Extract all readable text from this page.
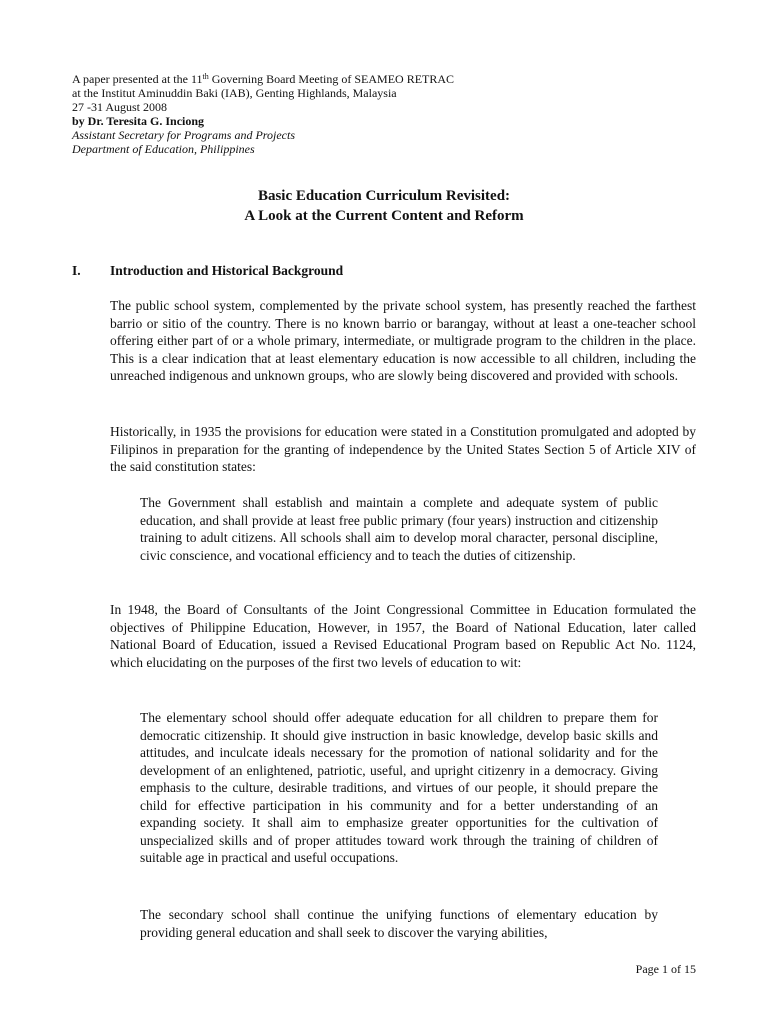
A paper presented at the 11th Governing Board Meeting of SEAMEO RETRAC
at the Institut Aminuddin Baki (IAB), Genting Highlands, Malaysia
27 -31 August 2008
by Dr. Teresita G. Inciong
Assistant Secretary for Programs and Projects
Department of Education, Philippines
Basic Education Curriculum Revisited:
A Look at the Current Content and Reform
I. Introduction and Historical Background

The public school system, complemented by the private school system, has presently reached the farthest barrio or sitio of the country. There is no known barrio or barangay, without at least a one-teacher school offering either part of or a whole primary, intermediate, or multigrade program to the children in the place. This is a clear indication that at least elementary education is now accessible to all children, including the unreached indigenous and unknown groups, who are slowly being discovered and provided with schools.

Historically, in 1935 the provisions for education were stated in a Constitution promulgated and adopted by Filipinos in preparation for the granting of independence by the United States Section 5 of Article XIV of the said constitution states:

The Government shall establish and maintain a complete and adequate system of public education, and shall provide at least free public primary (four years) instruction and citizenship training to adult citizens. All schools shall aim to develop moral character, personal discipline, civic conscience, and vocational efficiency and to teach the duties of citizenship.

In 1948, the Board of Consultants of the Joint Congressional Committee in Education formulated the objectives of Philippine Education, However, in 1957, the Board of National Education, later called National Board of Education, issued a Revised Educational Program based on Republic Act No. 1124, which elucidating on the purposes of the first two levels of education to wit:

The elementary school should offer adequate education for all children to prepare them for democratic citizenship. It should give instruction in basic knowledge, develop basic skills and attitudes, and inculcate ideals necessary for the promotion of national solidarity and for the development of an enlightened, patriotic, useful, and upright citizenry in a democracy. Giving emphasis to the culture, desirable traditions, and virtues of our people, it should prepare the child for effective participation in his community and for a better understanding of an expanding society. It shall aim to emphasize greater opportunities for the cultivation of unspecialized skills and of proper attitudes toward work through the training of children of suitable age in practical and useful occupations.

The secondary school shall continue the unifying functions of elementary education by providing general education and shall seek to discover the varying abilities,

Page 1 of 15
